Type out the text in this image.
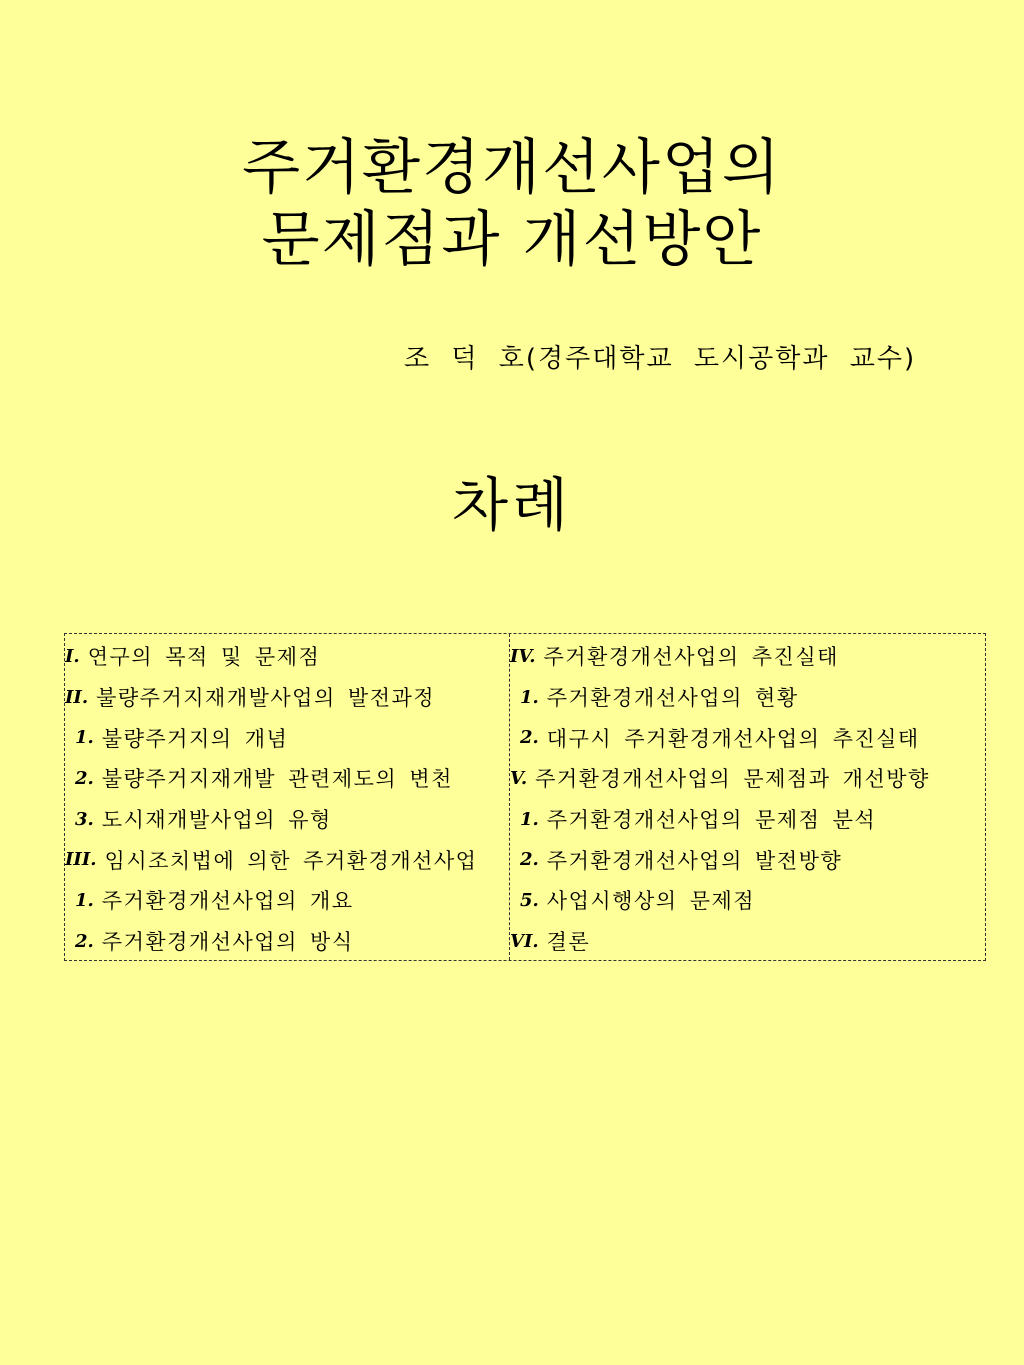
주거환경개선사업의
문제점과 개선방안
조 덕 호(경주대학교 도시공학과 교수)
차례
I. 연구의 목적 및 문제점
II. 불량주거지재개발사업의 발전과정
1. 불량주거지의 개념
2. 불량주거지재개발 관련제도의 변천
3. 도시재개발사업의 유형
III. 임시조치법에 의한 주거환경개선사업
1. 주거환경개선사업의 개요
2. 주거환경개선사업의 방식
IV. 주거환경개선사업의 추진실태
1. 주거환경개선사업의 현황
2. 대구시 주거환경개선사업의 추진실태
V. 주거환경개선사업의 문제점과 개선방향
1. 주거환경개선사업의 문제점 분석
2. 주거환경개선사업의 발전방향
5. 사업시행상의 문제점
VI. 결론
